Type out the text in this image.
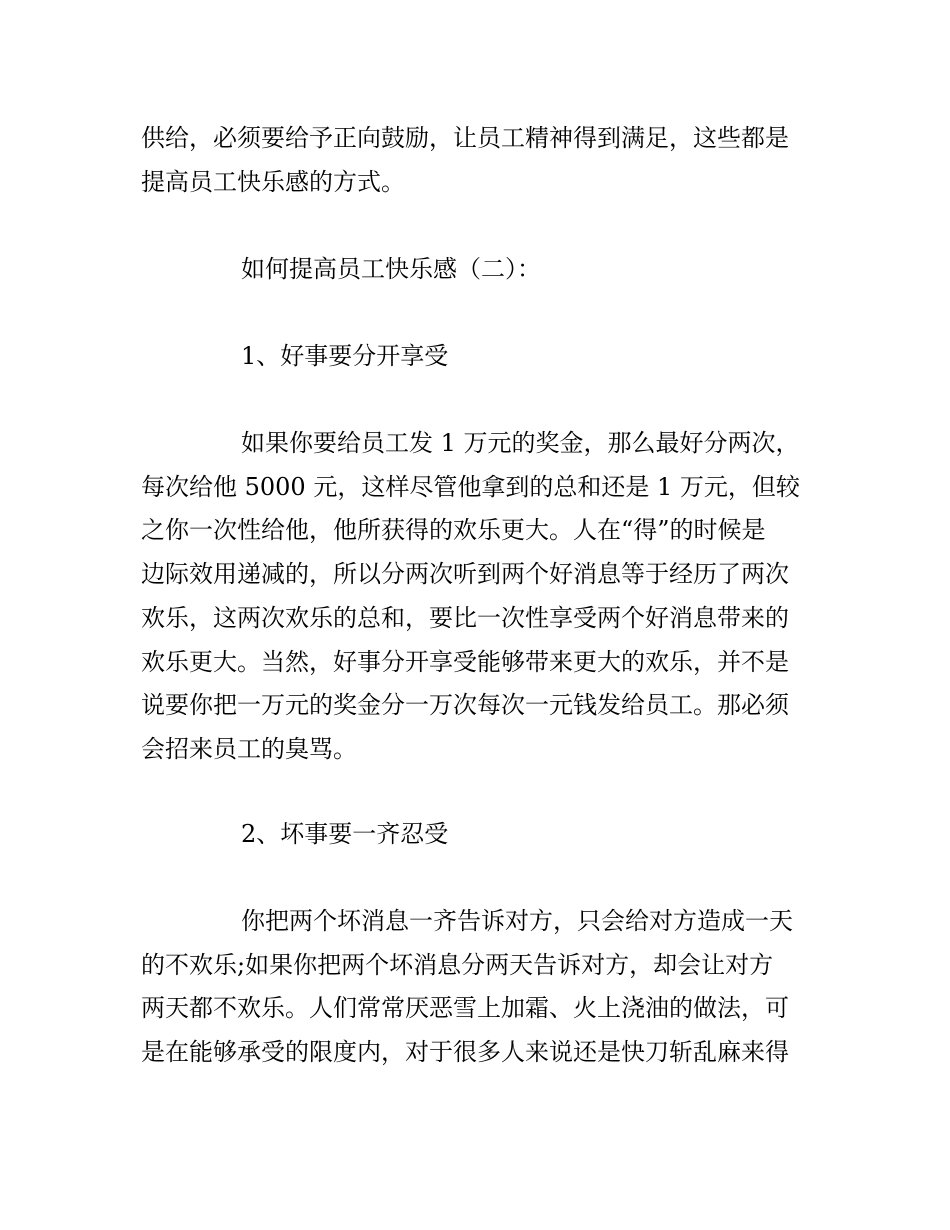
供给，必须要给予正向鼓励，让员工精神得到满足，这些都是
提高员工快乐感的方式。

如何提高员工快乐感（二）：

1、好事要分开享受

如果你要给员工发 1 万元的奖金，那么最好分两次，
每次给他 5000 元，这样尽管他拿到的总和还是 1 万元，但较
之你一次性给他，他所获得的欢乐更大。人在“得”的时候是
边际效用递减的，所以分两次听到两个好消息等于经历了两次
欢乐，这两次欢乐的总和，要比一次性享受两个好消息带来的
欢乐更大。当然，好事分开享受能够带来更大的欢乐，并不是
说要你把一万元的奖金分一万次每次一元钱发给员工。那必须
会招来员工的臭骂。

2、坏事要一齐忍受

你把两个坏消息一齐告诉对方，只会给对方造成一天
的不欢乐;如果你把两个坏消息分两天告诉对方，却会让对方
两天都不欢乐。人们常常厌恶雪上加霜、火上浇油的做法，可
是在能够承受的限度内，对于很多人来说还是快刀斩乱麻来得
